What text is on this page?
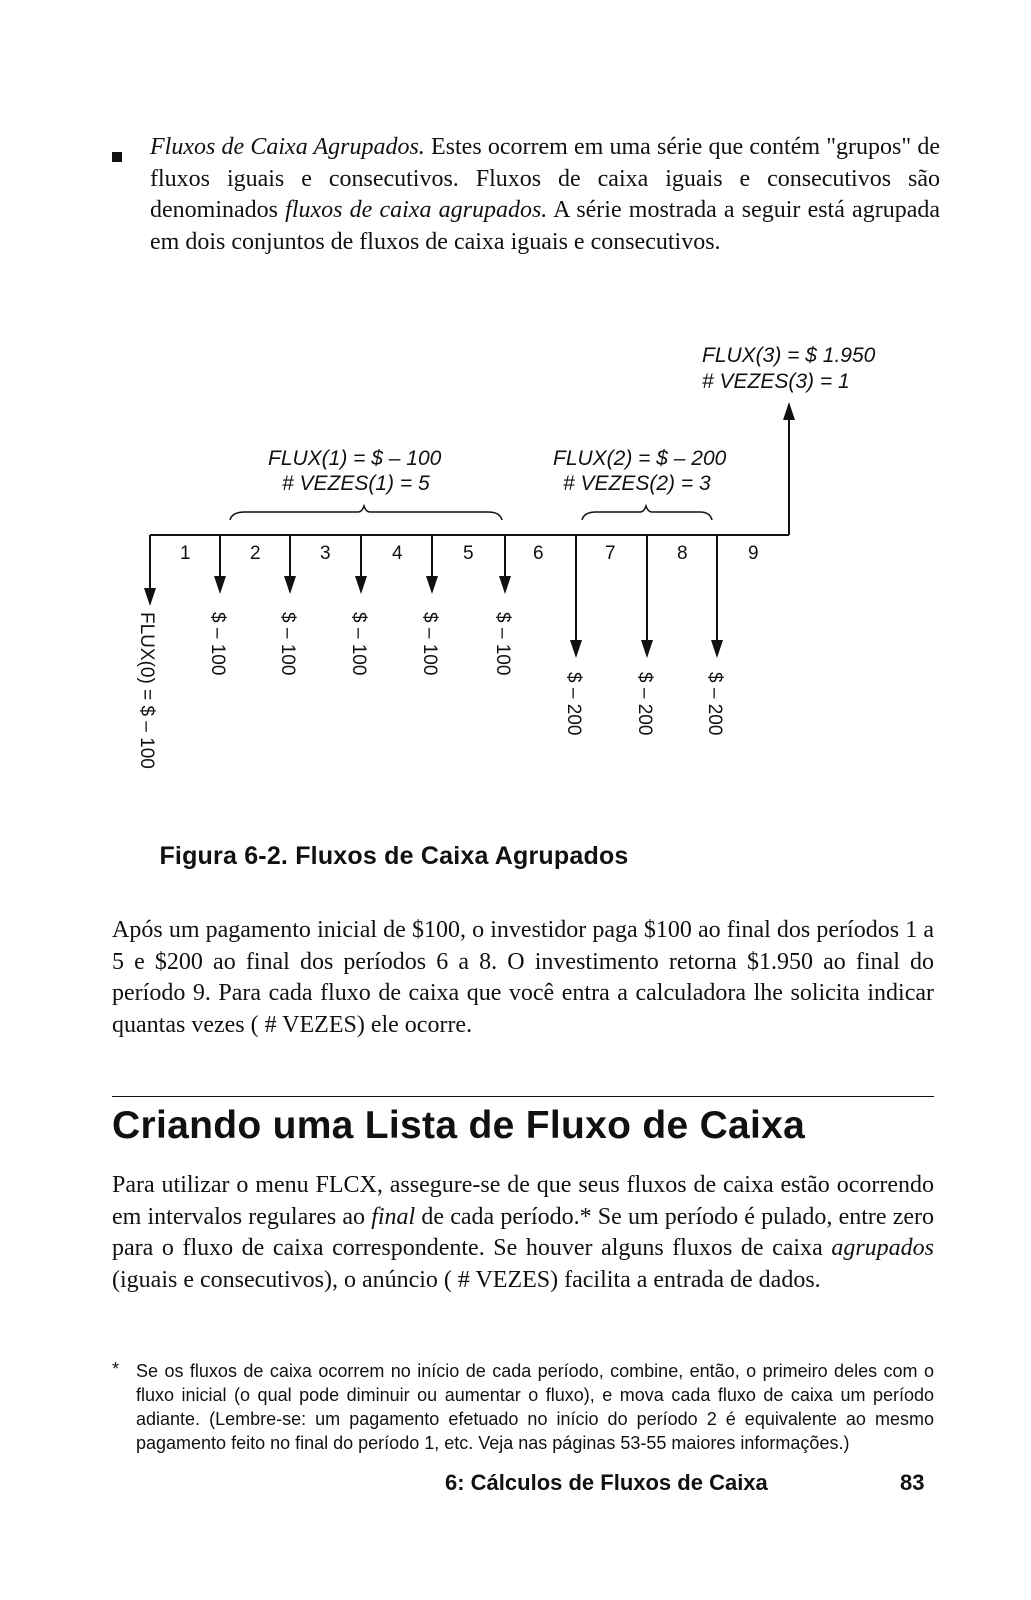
Fluxos de Caixa Agrupados. Estes ocorrem em uma série que contém "grupos" de fluxos iguais e consecutivos. Fluxos de caixa iguais e consecutivos são denominados fluxos de caixa agrupados. A série mostrada a seguir está agrupada em dois conjuntos de fluxos de caixa iguais e consecutivos.

1	2	3	4	5	6	7	8	9
FLUX(1) = $ – 100
# VEZES(1) = 5
FLUX(2) = $ – 200
# VEZES(2) = 3
FLUX(3) = $ 1.950
# VEZES(3) = 1
FLUX(0) = $ – 100	$ – 100	$ – 100	$ – 100	$ – 100	$ – 100
$ – 200	$ – 200	$ – 200

Figura 6-2. Fluxos de Caixa Agrupados

Após um pagamento inicial de $100, o investidor paga $100 ao final dos períodos 1 a 5 e $200 ao final dos períodos 6 a 8. O investimento retorna $1.950 ao final do período 9. Para cada fluxo de caixa que você entra a calculadora lhe solicita indicar quantas vezes ( # VEZES) ele ocorre.

Criando uma Lista de Fluxo de Caixa

Para utilizar o menu FLCX, assegure-se de que seus fluxos de caixa estão ocorrendo em intervalos regulares ao final de cada período.* Se um período é pulado, entre zero para o fluxo de caixa correspondente. Se houver alguns fluxos de caixa agrupados (iguais e consecutivos), o anúncio ( # VEZES) facilita a entrada de dados.

* Se os fluxos de caixa ocorrem no início de cada período, combine, então, o primeiro deles com o fluxo inicial (o qual pode diminuir ou aumentar o fluxo), e mova cada fluxo de caixa um período adiante. (Lembre-se: um pagamento efetuado no início do período 2 é equivalente ao mesmo pagamento feito no final do período 1, etc. Veja nas páginas 53-55 maiores informações.)

6: Cálculos de Fluxos de Caixa	83
